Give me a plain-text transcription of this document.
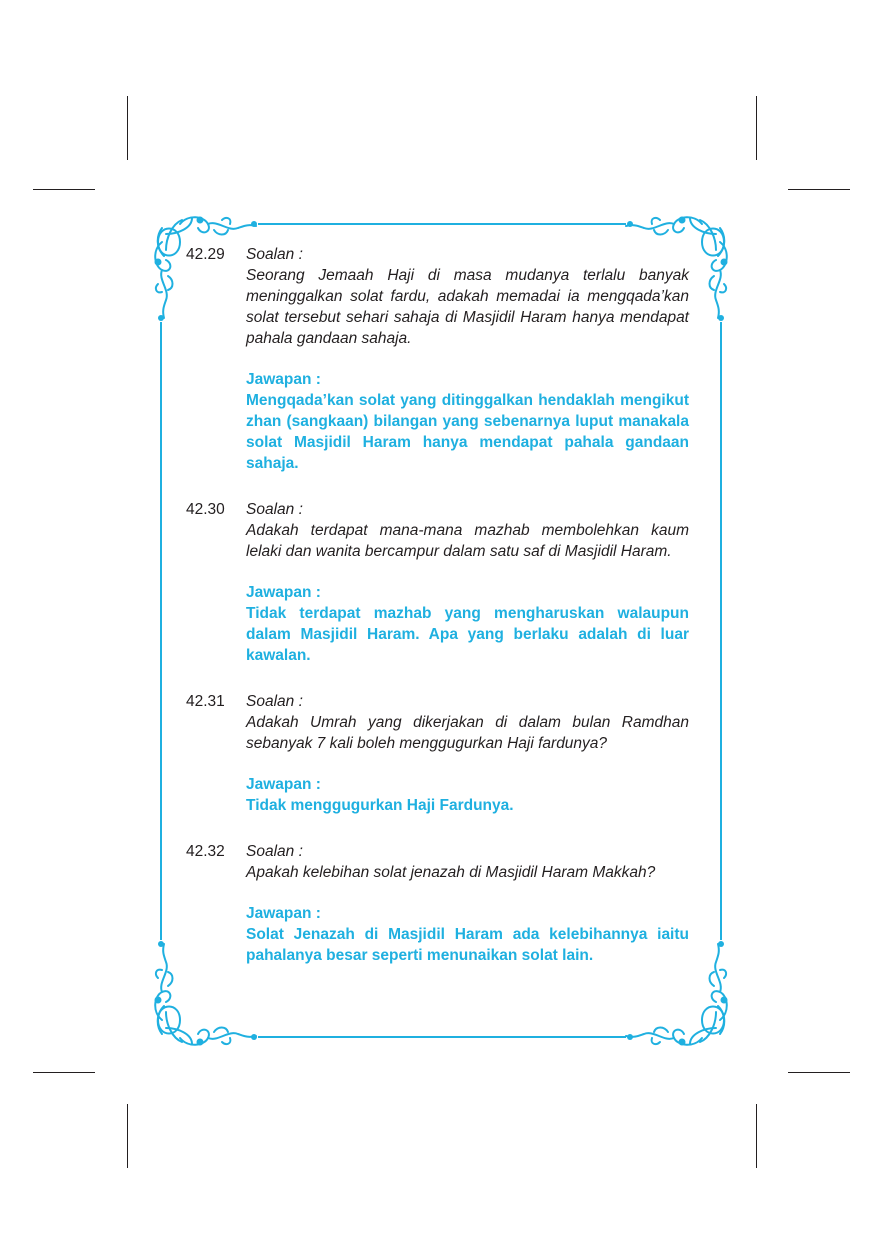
42.29 Soalan :

Seorang Jemaah Haji di masa mudanya terlalu banyak meninggalkan solat fardu, adakah memadai ia mengqada’kan solat tersebut sehari sahaja di Masjidil Haram hanya mendapat pahala gandaan sahaja.

Jawapan :

Mengqada’kan solat yang ditinggalkan hendaklah mengikut zhan (sangkaan) bilangan yang sebenarnya luput manakala solat Masjidil Haram hanya mendapat pahala gandaan sahaja.

42.30 Soalan :

Adakah terdapat mana-mana mazhab membolehkan kaum lelaki dan wanita bercampur dalam satu saf di Masjidil Haram.

Jawapan :

Tidak terdapat mazhab yang mengharuskan walaupun dalam Masjidil Haram. Apa yang berlaku adalah di luar kawalan.

42.31 Soalan :

Adakah Umrah yang dikerjakan di dalam bulan Ramdhan sebanyak 7 kali boleh menggugurkan Haji fardunya?

Jawapan :

Tidak menggugurkan Haji Fardunya.

42.32 Soalan :

Apakah kelebihan solat jenazah di Masjidil Haram Makkah?

Jawapan :

Solat Jenazah di Masjidil Haram ada kelebihannya iaitu pahalanya besar seperti menunaikan solat lain.
